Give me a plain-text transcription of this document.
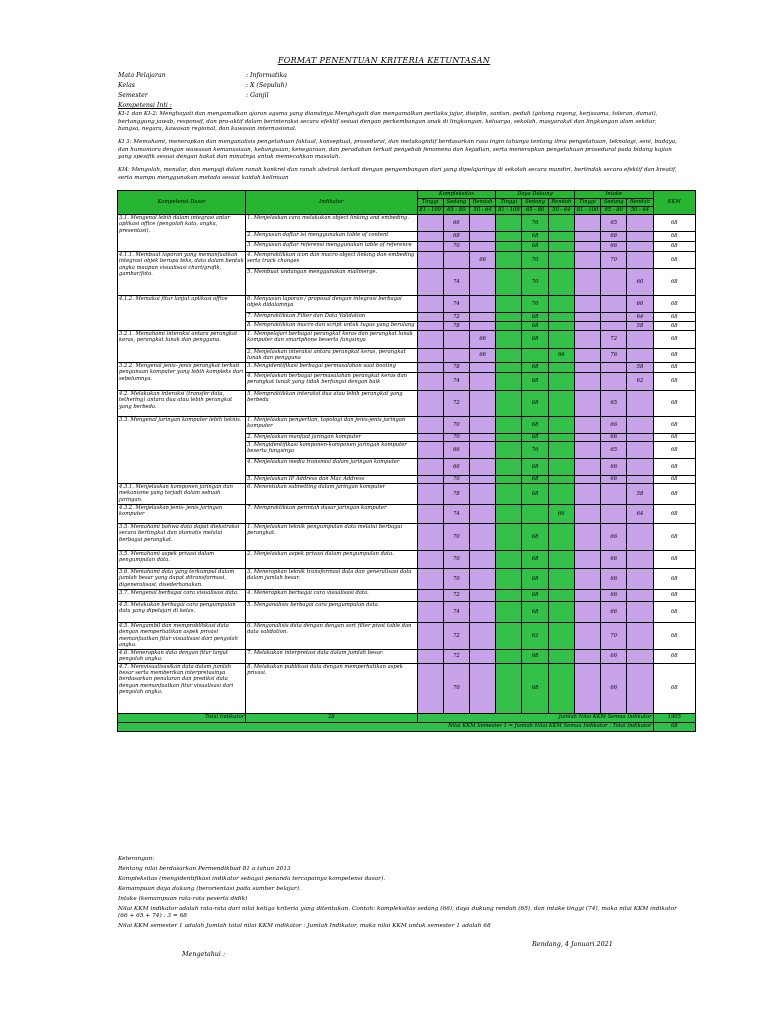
FORMAT PENENTUAN KRITERIA KETUNTASAN
Mata Pelajaran	: Informatika
Kelas	: X (Sepuluh)
Semester	: Ganjil
Kompetensi Inti :
KI-1 dan KI-2: Menghayati dan mengamalkan ajaran agama yang dianutnya.Menghayati dan mengamalkan perilaku jujur, disiplin, santun, peduli (gotong royong, kerjasama, toleran, damai), bertanggung jawab, responsif, dan pro-aktif dalam berinteraksi secara efektif sesuai dengan perkembangan anak di lingkungan, keluarga, sekolah, masyarakat dan lingkungan alam sekitar, bangsa, negara, kawasan regional, dan kawasan internasional.
KI 3: Memahami, menerapkan dan menganalisis pengetahuan faktual, konseptual, prosedural, dan metakognitif berdasarkan rasa ingin tahunya tentang ilmu pengetahuan, teknologi, seni, budaya, dan humaniora dengan wawasan kemanusiaan, kebangsaan, kenegaraan, dan peradaban terkait penyebab fenomena dan kejadian, serta menerapkan pengetahuan prosedural pada bidang kajian yang spesifik sesuai dengan bakat dan minatnya untuk memecahkan masalah.
KI4: Mengolah, menalar, dan menyaji dalam ranah konkret dan ranah abstrak terkait dengan pengembangan dari yang dipelajarinya di sekolah secara mandiri, bertindak secara efektif dan kreatif, serta mampu menggunakan metoda sesuai kaidah keilmuan
Kompetensi Dasar	Indikator	Kompleksitas			Daya Dukung			Intake			KKM
		Tinggi	Sedang	Rendah	Tinggi	Sedang	Rendah	Tinggi	Sedang	Rendah	
		81 - 100	65 - 80	50 - 64	81 - 100	65 - 80	50 - 64	81 - 100	65 - 80	50 - 64	
3.1. Mengenal lebih dalam integrasi antar aplikasi office (pengolah kata, angka, presentasi).	1. Menjelaskan cara melakukan object linking and embeding.		66			76			65		68
	2. Menyusun daftar isi menggunakan table of content		68			68			68		68
	3. Menyusun daftar referensi menggunakan table of reference		70			68			66		68
4.1.1. Membuat laporan yang memanfaatkan integrasi objek berupa teks, data dalam bentuk angka maupun visualisasi chart/grafik, gambar/foto.	4. Mempraktikkan icon dan macro object linking dan embeding serta track changes			66		70			70		68
	5. Membuat undangan menggunakan mailmerge.		74			70				60	68
4.1.2. Memakai fitur lanjut aplikasi office	6. Menyusun laporan / proposal dengan integrasi berbagai objek didalamnya		74			70				60	68
	7. Mempraktikkan Filter dan Data Validation		72			68				64	68
	8. Mempraktikkan macro dan script untuk tugas yang berulang		78			68				58	68
3.2.1. Memahami interaksi antara perangkat keras, perangkat lunak dan pengguna.	1. Mempelajari berbagai perangkat keras dan perangkat lunak komputer dan smartphone beserta fungsinya			66		68			72		68
	2. Menjelaskan interaksi antara perangkat keras, perangkat lunak dan pengguna			66			66		76		68
3.2.2. Mengenal jenis- jenis perangkat terkait pengunaan komputer yang lebih kompleks dari sebelumnya.	3. Mengidentifikasi berbagai permasalahan saat booting		78			68				58	68
	4. Menjelaskan berbagai permasalahan perangkat keras dan perangkat lunak yang tidak berfungsi dengan baik		74			68				62	68
4.2. Melakukan interaksi (transfer data, tethering) antara dua atau lebih perangkat yang berbeda.	5. Mempraktikkan interaksi dua atau lebih perangkat yang berbeda		72			68			65		68
3.3. Mengenal jaringan komputer lebih teknis.	1. Menjelaskan pengertian, topologi dan jenis-jenis jaringan komputer		70			68			66		68
	2. Menjelaskan manfaat jaringan komputer		70			68			66		68
	3. Mengidentifikasi komponen-komponen jaringan komputer beserta fungsinya		66			76			65		68
	4. Menjelaskan media transmisi dalam jaringan komputer		66			68			66		68
	5. Menjelaskan IP Address dan Mac Address		70			68			66		68
4.3.1. Menjelaskan komponen jaringan dan mekanisme yang terjadi dalam sebuah jaringan.	6. Menentukan subnetting dalam jaringan komputer		78			68				58	68
4.3.2. Menjelaskan jenis- jenis jaringan komputer	7. Mempraktikkan perintah dasar jaringan komputer		74				66			64	68
3.5. Memahami bahwa data dapat diekstraksi secara bertingkat dan otomatis melalui berbagai perangkat.	1. Menjelaskan teknik pengumpulan data melalui berbagai perangkat.		70			68			66		68
3.5. Memahami aspek privasi dalam pengumpulan data.	2. Menjelaskan aspek privasi dalam pengumpulan data.		70			68			66		68
3.6. Memahami data yang terkumpul dalam jumlah besar yang dapat ditransformasi, digeneralisasi, disederhanakan.	3. Menerapkan teknik transformasi data dan generalisasi data dalam jumlah besar.		70			68			66		68
3.7. Mengenal berbagai cara visualisasi data.	4. Menerapkan berbagai cara visualisasi data.		72			68			66		68
4.5. Melakukan berbagai cara pengumpulan data yang dipelajari di kelas.	5. Menganalisis berbagai cara pengumpulan data.		74			68			66		68
4.5. Mengambil dan memproblihkasi data dengan memperhatikan aspek privasi memanfaatkan fitur visualisasi dari pengolah angka.	6. Menganalisis data dengan dengan sort filter pivot table dan data validation.		72			62			70		68
4.6. Menerapkan data dengan fitur lanjut pengolah angka.	7. Melakukan interpretasi data dalam jumlah besar.		72			68			66		68
4.7. Memvisualisasikan data dalam jumlah besar serta memberikan interpretasinya berdasarkan penalaran dan prediksi data dengan memanfaatkan fitur visualisasi dari pengolah angka.	8. Melakukan publikasi data dengan memperhatikan aspek privasi.		70			68			66		68
Total Indikator	28	Jumlah Nilai KKM Semua Indikator									1905
Nilai KKM Semester 1 = Jumlah Nilai KKM Semua Indikator : Total Indikator											68
Keterangan:
Rentang nilai berdasarkan Permendikbud 81 a tahun 2013
Kompleksitas (mengidentifikasi indikator sebagai penanda tercapainya kompetensi dasar).
Kemampuan daya dukung (berorientasi pada sumber belajar).
Intake (kemampuan rata-rata peserta didik)
Nilai KKM indikator adalah rata-rata dari nilai ketiga kriteria yang ditentukan. Contoh: kompleksitas sedang (66), daya dukung rendah (65), dan intake tinggi (74), maka nilai KKM indikator (66 + 65 + 74) : 3 = 68
Nilai KKM semester 1 adalah Jumlah total nilai KKM indikator : Jumlah Indikator, maka nilai KKM untuk semester 1 adalah 68
Rendang, 4 Januari 2021
Mengetahui :
